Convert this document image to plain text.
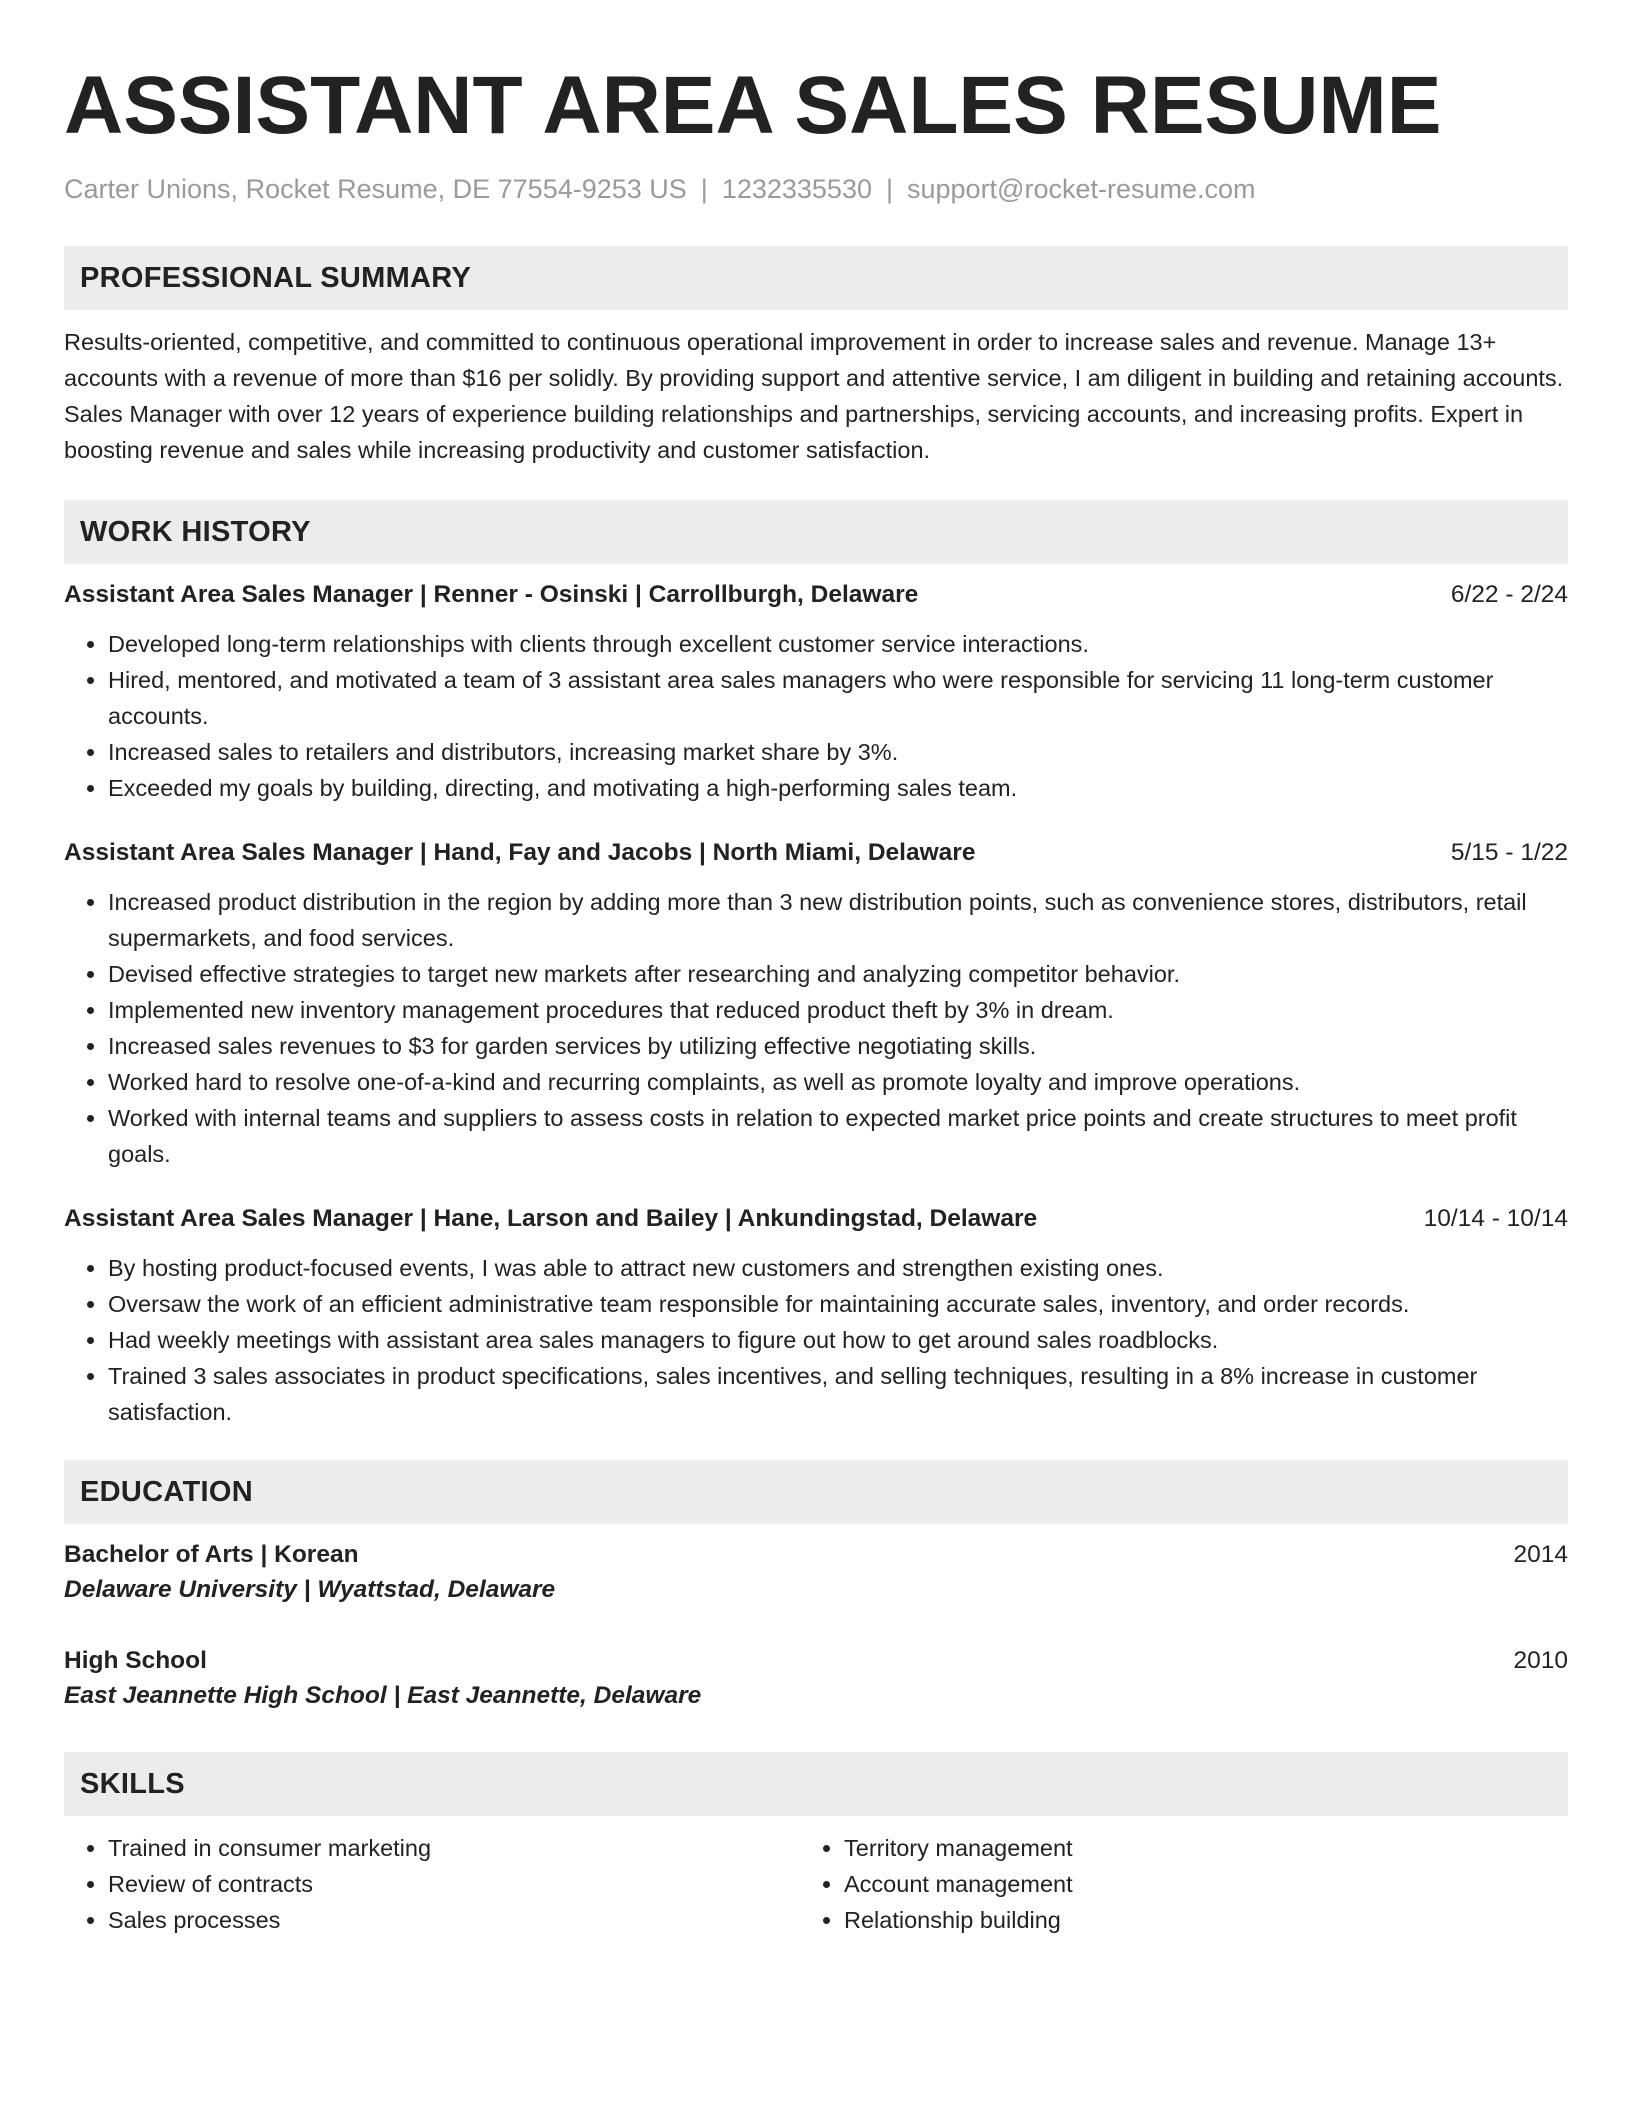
ASSISTANT AREA SALES RESUME
Carter Unions, Rocket Resume, DE 77554-9253 US | 1232335530 | support@rocket-resume.com
PROFESSIONAL SUMMARY
Results-oriented, competitive, and committed to continuous operational improvement in order to increase sales and revenue. Manage 13+ accounts with a revenue of more than $16 per solidly. By providing support and attentive service, I am diligent in building and retaining accounts. Sales Manager with over 12 years of experience building relationships and partnerships, servicing accounts, and increasing profits. Expert in boosting revenue and sales while increasing productivity and customer satisfaction.
WORK HISTORY
Assistant Area Sales Manager | Renner - Osinski | Carrollburgh, Delaware	6/22 - 2/24
• Developed long-term relationships with clients through excellent customer service interactions.
• Hired, mentored, and motivated a team of 3 assistant area sales managers who were responsible for servicing 11 long-term customer accounts.
• Increased sales to retailers and distributors, increasing market share by 3%.
• Exceeded my goals by building, directing, and motivating a high-performing sales team.
Assistant Area Sales Manager | Hand, Fay and Jacobs | North Miami, Delaware	5/15 - 1/22
• Increased product distribution in the region by adding more than 3 new distribution points, such as convenience stores, distributors, retail supermarkets, and food services.
• Devised effective strategies to target new markets after researching and analyzing competitor behavior.
• Implemented new inventory management procedures that reduced product theft by 3% in dream.
• Increased sales revenues to $3 for garden services by utilizing effective negotiating skills.
• Worked hard to resolve one-of-a-kind and recurring complaints, as well as promote loyalty and improve operations.
• Worked with internal teams and suppliers to assess costs in relation to expected market price points and create structures to meet profit goals.
Assistant Area Sales Manager | Hane, Larson and Bailey | Ankundingstad, Delaware	10/14 - 10/14
• By hosting product-focused events, I was able to attract new customers and strengthen existing ones.
• Oversaw the work of an efficient administrative team responsible for maintaining accurate sales, inventory, and order records.
• Had weekly meetings with assistant area sales managers to figure out how to get around sales roadblocks.
• Trained 3 sales associates in product specifications, sales incentives, and selling techniques, resulting in a 8% increase in customer satisfaction.
EDUCATION
Bachelor of Arts | Korean	2014
Delaware University | Wyattstad, Delaware
High School	2010
East Jeannette High School | East Jeannette, Delaware
SKILLS
• Trained in consumer marketing
• Review of contracts
• Sales processes
• Territory management
• Account management
• Relationship building
